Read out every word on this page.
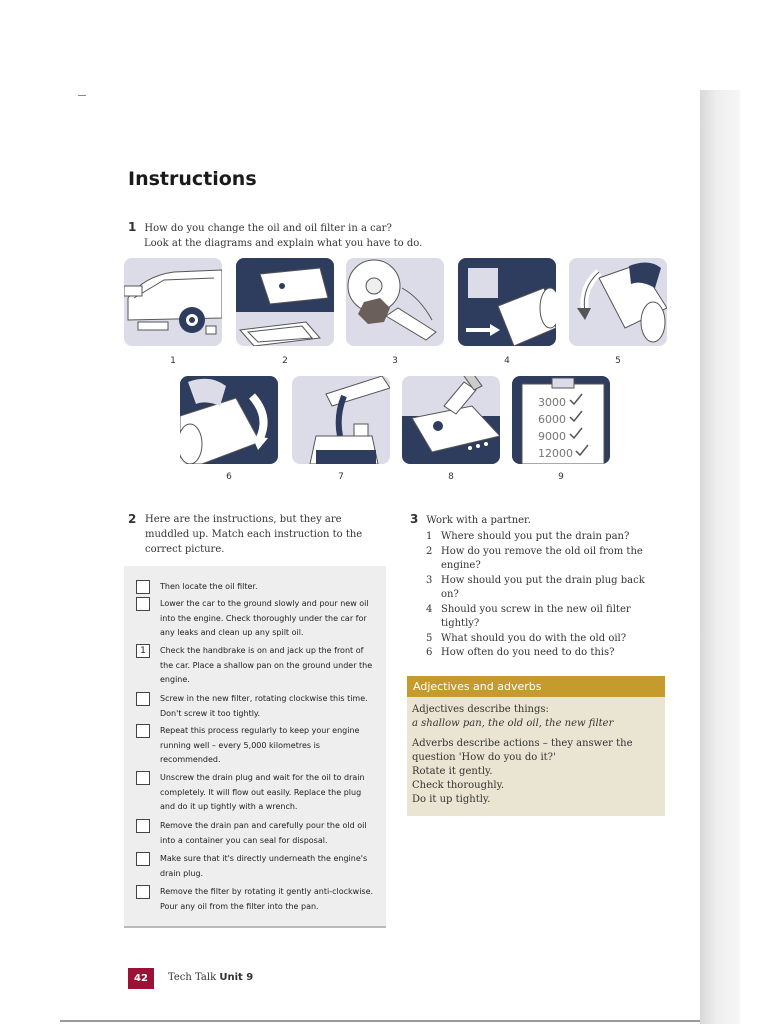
Instructions
1 How do you change the oil and oil filter in a car?
Look at the diagrams and explain what you have to do.
1	2	3	4	5
3000
6000
9000
12000
6	7	8	9
2 Here are the instructions, but they are muddled up. Match each instruction to the correct picture.
Then locate the oil filter.
Lower the car to the ground slowly and pour new oil into the engine. Check thoroughly under the car for any leaks and clean up any spilt oil.
1	Check the handbrake is on and jack up the front of the car. Place a shallow pan on the ground under the engine.
Screw in the new filter, rotating clockwise this time. Don't screw it too tightly.
Repeat this process regularly to keep your engine running well – every 5,000 kilometres is recommended.
Unscrew the drain plug and wait for the oil to drain completely. It will flow out easily. Replace the plug and do it up tightly with a wrench.
Remove the drain pan and carefully pour the old oil into a container you can seal for disposal.
Make sure that it's directly underneath the engine's drain plug.
Remove the filter by rotating it gently anti-clockwise. Pour any oil from the filter into the pan.
3 Work with a partner.
1 Where should you put the drain pan?
2 How do you remove the old oil from the engine?
3 How should you put the drain plug back on?
4 Should you screw in the new oil filter tightly?
5 What should you do with the old oil?
6 How often do you need to do this?
Adjectives and adverbs
Adjectives describe things:
a shallow pan, the old oil, the new filter
Adverbs describe actions – they answer the question 'How do you do it?'
Rotate it gently.
Check thoroughly.
Do it up tightly.
42	Tech Talk Unit 9
